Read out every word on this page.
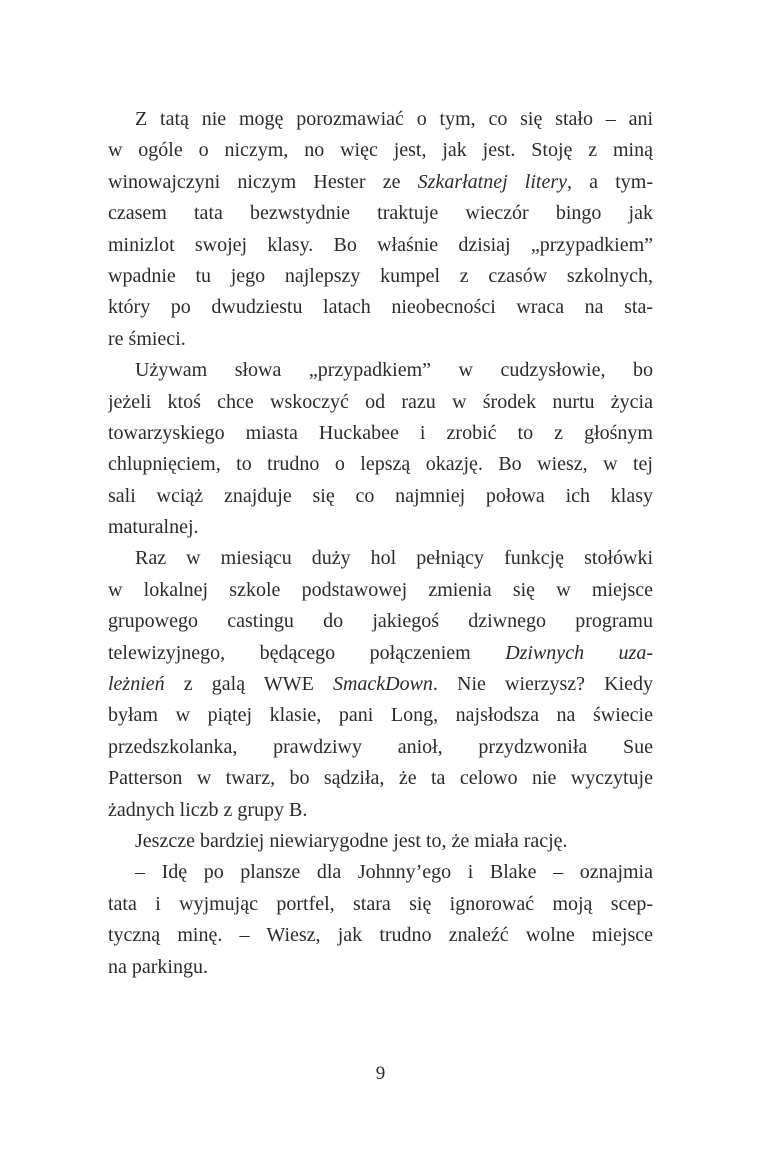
Z tatą nie mogę porozmawiać o tym, co się stało – ani
w ogóle o niczym, no więc jest, jak jest. Stoję z miną
winowajczyni niczym Hester ze Szkarłatnej litery, a tym-
czasem tata bezwstydnie traktuje wieczór bingo jak
minizlot swojej klasy. Bo właśnie dzisiaj „przypadkiem”
wpadnie tu jego najlepszy kumpel z czasów szkolnych,
który po dwudziestu latach nieobecności wraca na sta-
re śmieci.
Używam słowa „przypadkiem” w cudzysłowie, bo
jeżeli ktoś chce wskoczyć od razu w środek nurtu życia
towarzyskiego miasta Huckabee i zrobić to z głośnym
chlupnięciem, to trudno o lepszą okazję. Bo wiesz, w tej
sali wciąż znajduje się co najmniej połowa ich klasy
maturalnej.
Raz w miesiącu duży hol pełniący funkcję stołówki
w lokalnej szkole podstawowej zmienia się w miejsce
grupowego castingu do jakiegoś dziwnego programu
telewizyjnego, będącego połączeniem Dziwnych uza-
leżnień z galą WWE SmackDown. Nie wierzysz? Kiedy
byłam w piątej klasie, pani Long, najsłodsza na świecie
przedszkolanka, prawdziwy anioł, przydzwoniła Sue
Patterson w twarz, bo sądziła, że ta celowo nie wyczytuje
żadnych liczb z grupy B.
Jeszcze bardziej niewiarygodne jest to, że miała rację.
– Idę po plansze dla Johnny’ego i Blake – oznajmia
tata i wyjmując portfel, stara się ignorować moją scep-
tyczną minę. – Wiesz, jak trudno znaleźć wolne miejsce
na parkingu.
9
